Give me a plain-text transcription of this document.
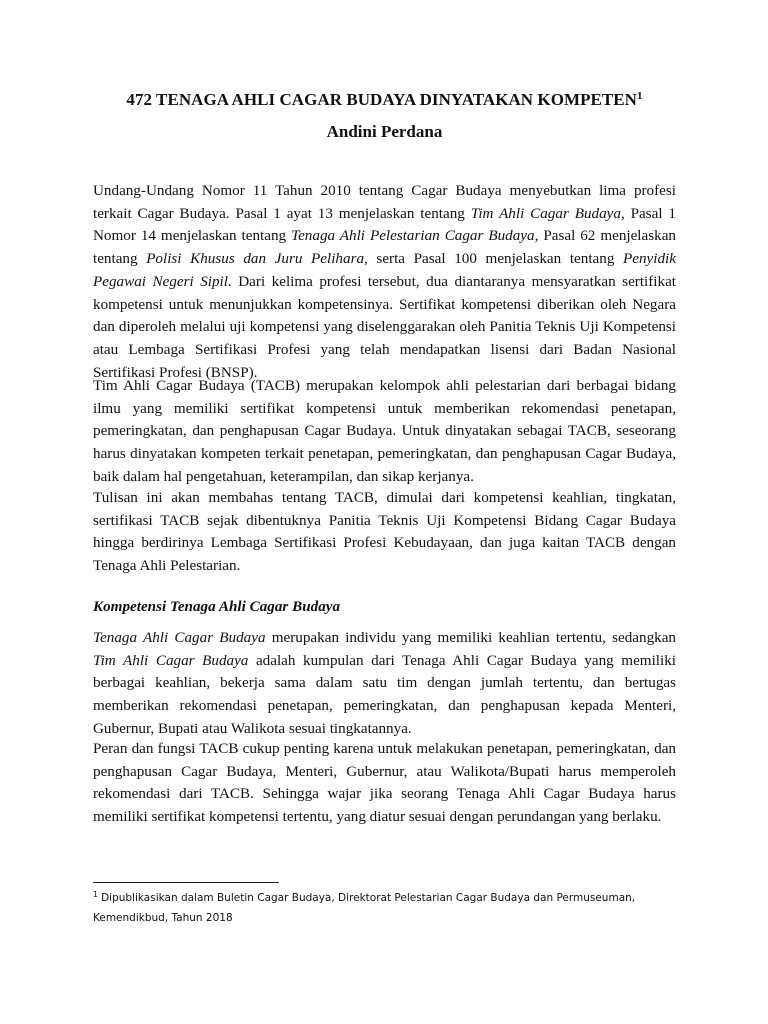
472 TENAGA AHLI CAGAR BUDAYA DINYATAKAN KOMPETEN$^1$

Andini Perdana

Undang-Undang Nomor 11 Tahun 2010 tentang Cagar Budaya menyebutkan lima profesi terkait Cagar Budaya. Pasal 1 ayat 13 menjelaskan tentang Tim Ahli Cagar Budaya, Pasal 1 Nomor 14 menjelaskan tentang Tenaga Ahli Pelestarian Cagar Budaya, Pasal 62 menjelaskan tentang Polisi Khusus dan Juru Pelihara, serta Pasal 100 menjelaskan tentang Penyidik Pegawai Negeri Sipil. Dari kelima profesi tersebut, dua diantaranya mensyaratkan sertifikat kompetensi untuk menunjukkan kompetensinya. Sertifikat kompetensi diberikan oleh Negara dan diperoleh melalui uji kompetensi yang diselenggarakan oleh Panitia Teknis Uji Kompetensi atau Lembaga Sertifikasi Profesi yang telah mendapatkan lisensi dari Badan Nasional Sertifikasi Profesi (BNSP).

Tim Ahli Cagar Budaya (TACB) merupakan kelompok ahli pelestarian dari berbagai bidang ilmu yang memiliki sertifikat kompetensi untuk memberikan rekomendasi penetapan, pemeringkatan, dan penghapusan Cagar Budaya. Untuk dinyatakan sebagai TACB, seseorang harus dinyatakan kompeten terkait penetapan, pemeringkatan, dan penghapusan Cagar Budaya, baik dalam hal pengetahuan, keterampilan, dan sikap kerjanya.

Tulisan ini akan membahas tentang TACB, dimulai dari kompetensi keahlian, tingkatan, sertifikasi TACB sejak dibentuknya Panitia Teknis Uji Kompetensi Bidang Cagar Budaya hingga berdirinya Lembaga Sertifikasi Profesi Kebudayaan, dan juga kaitan TACB dengan Tenaga Ahli Pelestarian.

Kompetensi Tenaga Ahli Cagar Budaya

Tenaga Ahli Cagar Budaya merupakan individu yang memiliki keahlian tertentu, sedangkan Tim Ahli Cagar Budaya adalah kumpulan dari Tenaga Ahli Cagar Budaya yang memiliki berbagai keahlian, bekerja sama dalam satu tim dengan jumlah tertentu, dan bertugas memberikan rekomendasi penetapan, pemeringkatan, dan penghapusan kepada Menteri, Gubernur, Bupati atau Walikota sesuai tingkatannya.

Peran dan fungsi TACB cukup penting karena untuk melakukan penetapan, pemeringkatan, dan penghapusan Cagar Budaya, Menteri, Gubernur, atau Walikota/Bupati harus memperoleh rekomendasi dari TACB. Sehingga wajar jika seorang Tenaga Ahli Cagar Budaya harus memiliki sertifikat kompetensi tertentu, yang diatur sesuai dengan perundangan yang berlaku.

$^1$ Dipublikasikan dalam Buletin Cagar Budaya, Direktorat Pelestarian Cagar Budaya dan Permuseuman, Kemendikbud, Tahun 2018
